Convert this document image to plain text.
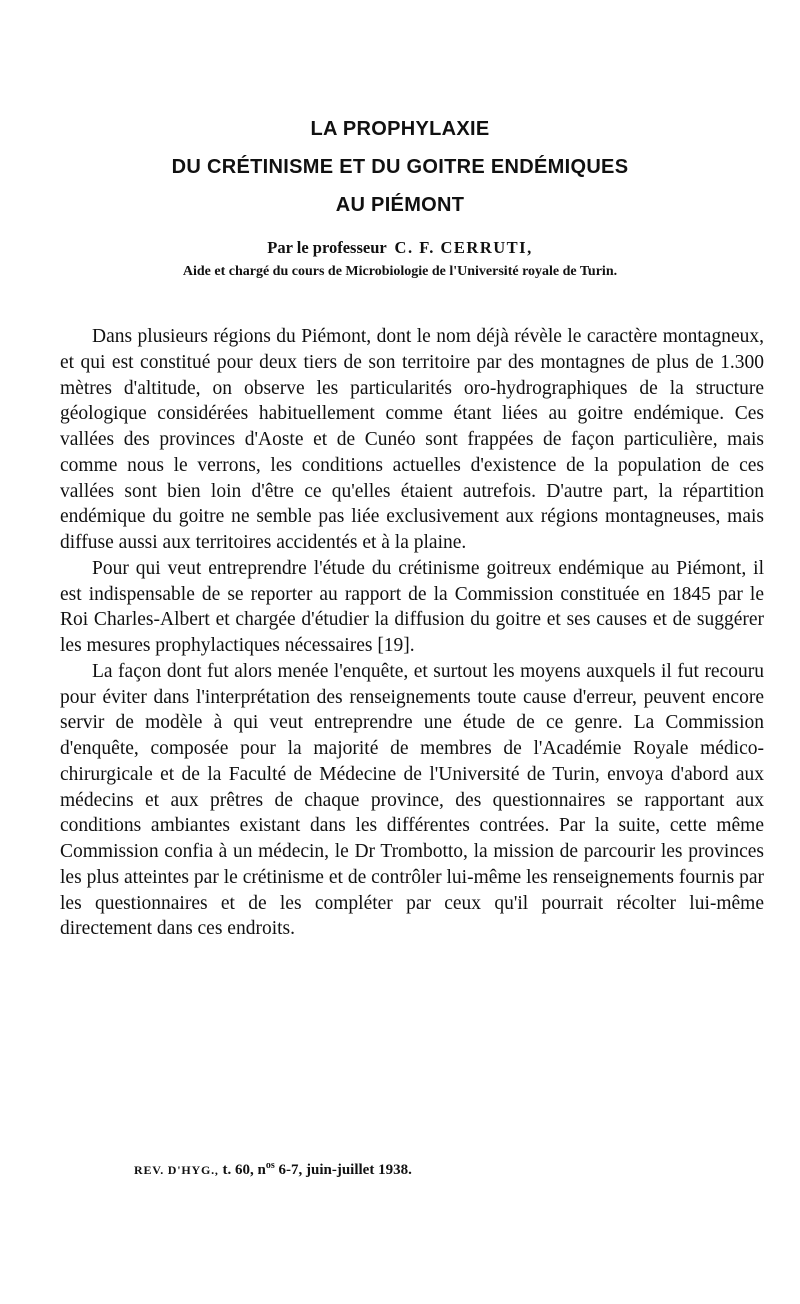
LA PROPHYLAXIE
DU CRÉTINISME ET DU GOITRE ENDÉMIQUES
AU PIÉMONT
Par le professeur C. F. CERRUTI,
Aide et chargé du cours de Microbiologie de l'Université royale de Turin.

Dans plusieurs régions du Piémont, dont le nom déjà révèle le caractère montagneux, et qui est constitué pour deux tiers de son territoire par des montagnes de plus de 1.300 mètres d'altitude, on observe les particularités oro-hydrographiques de la structure géologique considérées habituellement comme étant liées au goitre endémique. Ces vallées des provinces d'Aoste et de Cunéo sont frappées de façon particulière, mais comme nous le verrons, les conditions actuelles d'existence de la population de ces vallées sont bien loin d'être ce qu'elles étaient autrefois. D'autre part, la répartition endémique du goitre ne semble pas liée exclusivement aux régions montagneuses, mais diffuse aussi aux territoires accidentés et à la plaine.

Pour qui veut entreprendre l'étude du crétinisme goitreux endémique au Piémont, il est indispensable de se reporter au rapport de la Commission constituée en 1845 par le Roi Charles-Albert et chargée d'étudier la diffusion du goitre et ses causes et de suggérer les mesures prophylactiques nécessaires [19].

La façon dont fut alors menée l'enquête, et surtout les moyens auxquels il fut recouru pour éviter dans l'interprétation des renseignements toute cause d'erreur, peuvent encore servir de modèle à qui veut entreprendre une étude de ce genre. La Commission d'enquête, composée pour la majorité de membres de l'Académie Royale médico-chirurgicale et de la Faculté de Médecine de l'Université de Turin, envoya d'abord aux médecins et aux prêtres de chaque province, des questionnaires se rapportant aux conditions ambiantes existant dans les différentes contrées. Par la suite, cette même Commission confia à un médecin, le Dr Trombotto, la mission de parcourir les provinces les plus atteintes par le crétinisme et de contrôler lui-même les renseignements fournis par les questionnaires et de les compléter par ceux qu'il pourrait récolter lui-même directement dans ces endroits.

REV. D'HYG., t. 60, $n^{os}$ 6-7, juin-juillet 1938.
